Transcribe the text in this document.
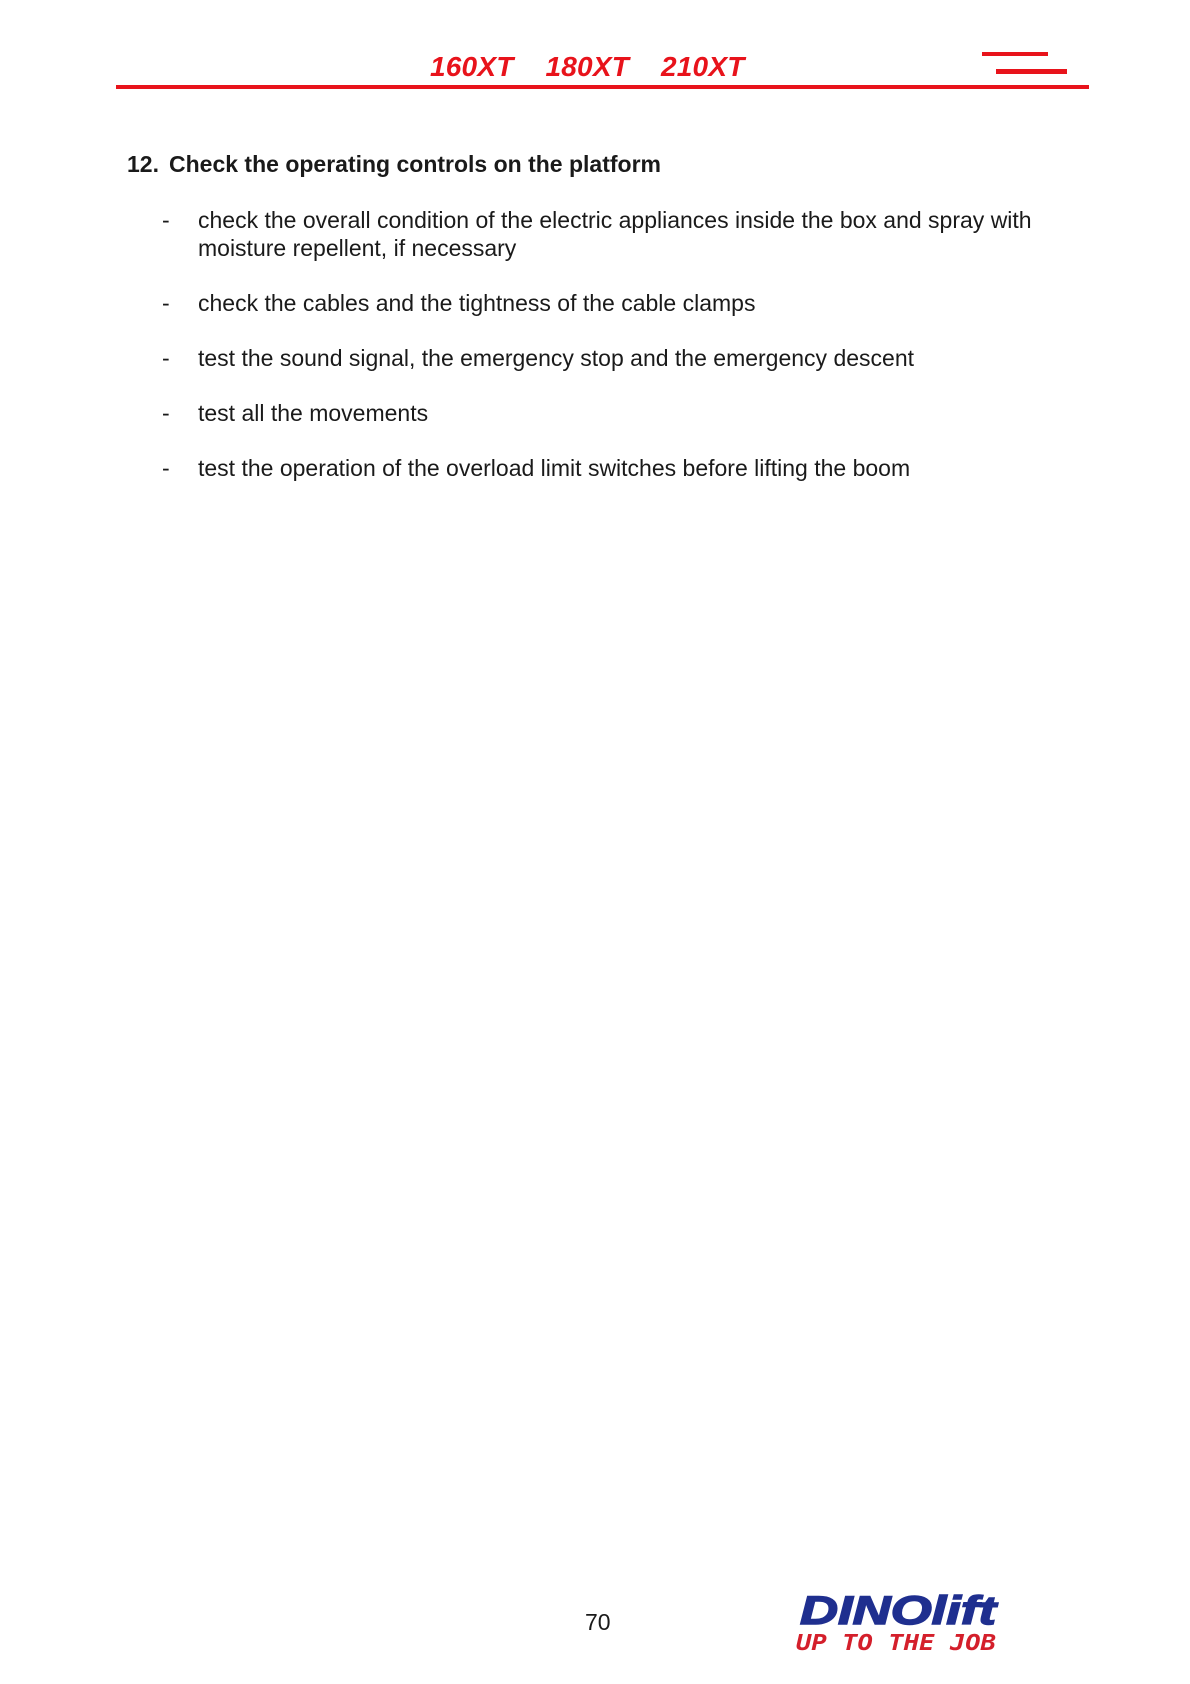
160XT 180XT 210XT
12. Check the operating controls on the platform
-	check the overall condition of the electric appliances inside the box and spray with moisture repellent, if necessary
-	check the cables and the tightness of the cable clamps
-	test the sound signal, the emergency stop and the emergency descent
-	test all the movements
-	test the operation of the overload limit switches before lifting the boom
70	DINOlift
UP TO THE JOB
